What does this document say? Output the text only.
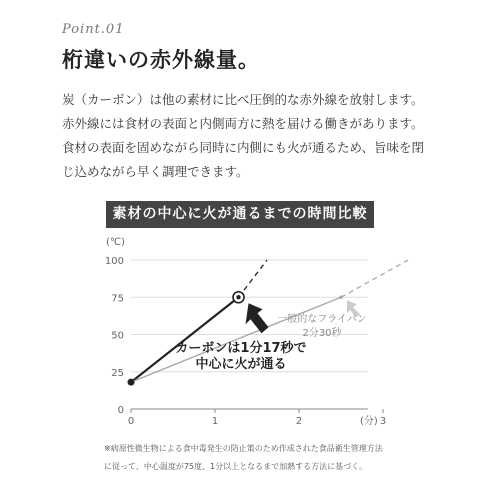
Point.01
桁違いの赤外線量。

炭（カーボン）は他の素材に比べ圧倒的な赤外線を放射します。

赤外線には食材の表面と内側両方に熱を届ける働きがあります。

食材の表面を固めながら同時に内側にも火が通るため、旨味を閉

じ込めながら早く調理できます。

素材の中心に火が通るまでの時間比較
0
25
50
75
100
0	1	2	3
(℃)
(分)
カーボンは1分17秒で
中心に火が通る
一般的なフライパン
2分30秒

※病原性微生物による食中毒発生の防止策のため作成された食品衛生管理方法

に従って、中心温度が75度、1分以上となるまで加熱する方法に基づく。
